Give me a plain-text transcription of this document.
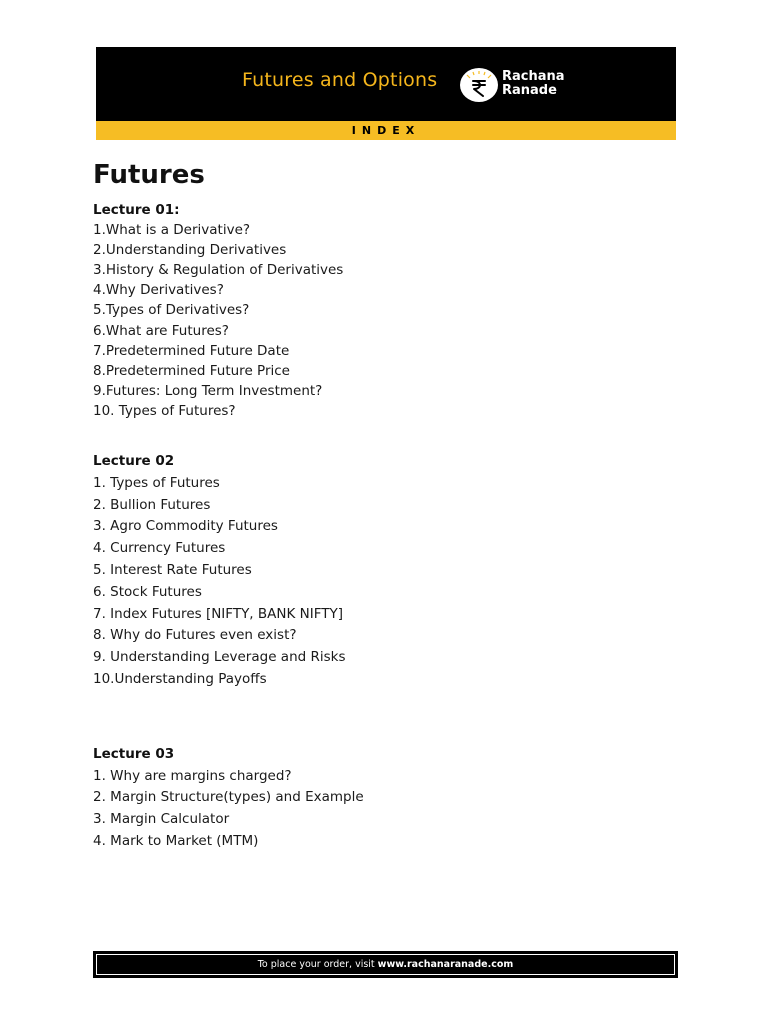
Futures and Options	Rachana
Ranade
INDEX
Futures
Lecture 01:
1.What is a Derivative?
2.Understanding Derivatives
3.History & Regulation of Derivatives
4.Why Derivatives?
5.Types of Derivatives?
6.What are Futures?
7.Predetermined Future Date
8.Predetermined Future Price
9.Futures: Long Term Investment?
10. Types of Futures?
Lecture 02
1. Types of Futures
2. Bullion Futures
3. Agro Commodity Futures
4. Currency Futures
5. Interest Rate Futures
6. Stock Futures
7. Index Futures [NIFTY, BANK NIFTY]
8. Why do Futures even exist?
9. Understanding Leverage and Risks
10.Understanding Payoffs
Lecture 03
1. Why are margins charged?
2. Margin Structure(types) and Example
3. Margin Calculator
4. Mark to Market (MTM)
To place your order, visit www.rachanaranade.com
